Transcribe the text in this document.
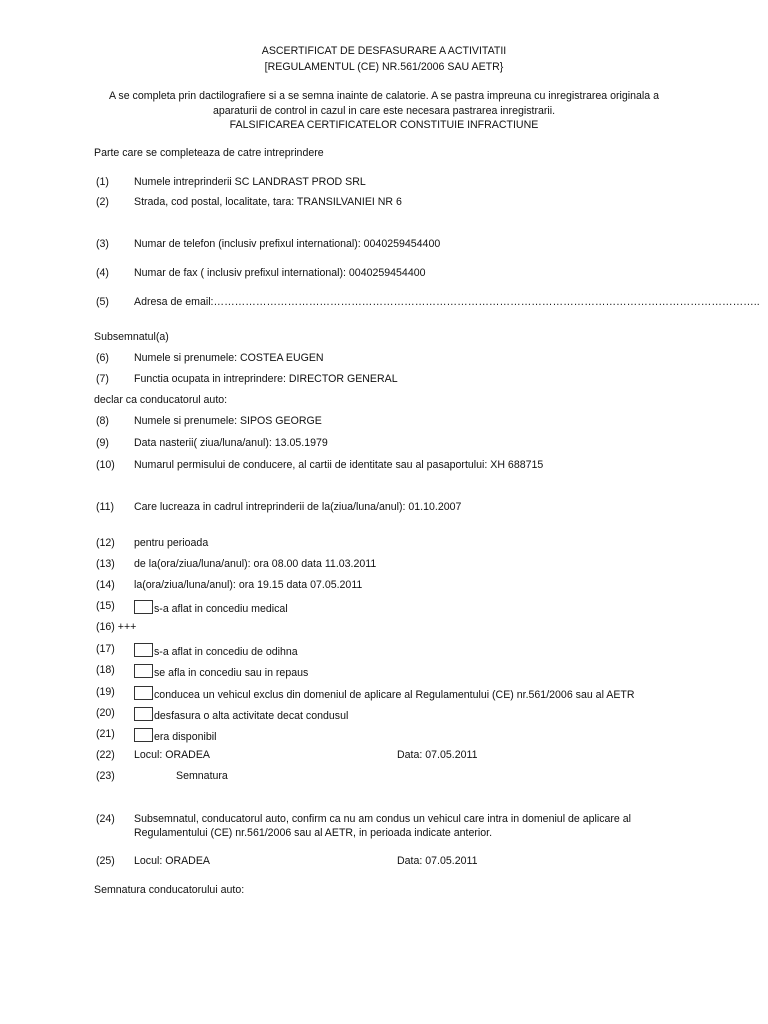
ASCERTIFICAT DE DESFASURARE A ACTIVITATII
[REGULAMENTUL (CE) NR.561/2006 SAU AETR}
A se completa prin dactilografiere si a se semna inainte de calatorie. A se pastra impreuna cu inregistrarea originala a
aparaturii de control in cazul in care este necesara pastrarea inregistrarii.
FALSIFICAREA CERTIFICATELOR CONSTITUIE INFRACTIUNE
Parte care se completeaza de catre intreprindere
(1) Numele intreprinderii SC LANDRAST PROD SRL
(2) Strada, cod postal, localitate, tara: TRANSILVANIEI NR 6
(3) Numar de telefon (inclusiv prefixul international): 0040259454400
(4) Numar de fax ( inclusiv prefixul international): 0040259454400
(5) Adresa de email:………………………………………………………………………………………………………………………………………..
Subsemnatul(a)
(6) Numele si prenumele: COSTEA EUGEN
(7) Functia ocupata in intreprindere: DIRECTOR GENERAL
declar ca conducatorul auto:
(8) Numele si prenumele: SIPOS GEORGE
(9) Data nasterii( ziua/luna/anul): 13.05.1979
(10) Numarul permisului de conducere, al cartii de identitate sau al pasaportului: XH 688715
(11) Care lucreaza in cadrul intreprinderii de la(ziua/luna/anul): 01.10.2007
(12) pentru perioada
(13) de la(ora/ziua/luna/anul): ora 08.00 data 11.03.2011
(14) la(ora/ziua/luna/anul): ora 19.15 data 07.05.2011
(15)	s-a aflat in concediu medical
(16) +++
(17)	s-a aflat in concediu de odihna
(18)	se afla in concediu sau in repaus
(19)	conducea un vehicul exclus din domeniul de aplicare al Regulamentului (CE) nr.561/2006 sau al AETR
(20)	desfasura o alta activitate decat condusul
(21)	era disponibil
(22) Locul: ORADEA	Data: 07.05.2011
(23)	Semnatura
(24) Subsemnatul, conducatorul auto, confirm ca nu am condus un vehicul care intra in domeniul de aplicare al
Regulamentului (CE) nr.561/2006 sau al AETR, in perioada indicate anterior.
(25) Locul: ORADEA	Data: 07.05.2011
Semnatura conducatorului auto:
